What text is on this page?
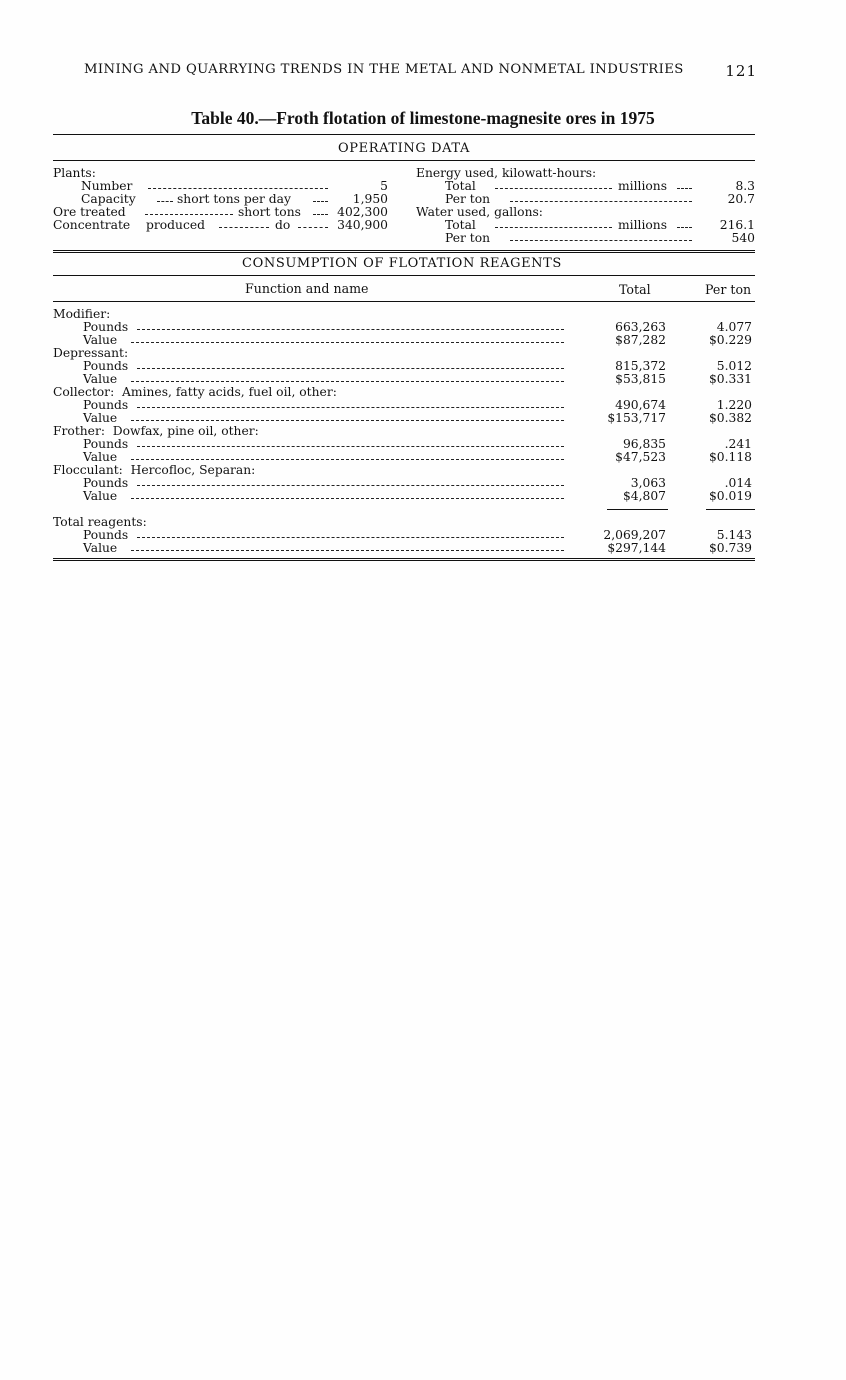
MINING AND QUARRYING TRENDS IN THE METAL AND NONMETAL INDUSTRIES	121
Table 40.—Froth flotation of limestone-magnesite ores in 1975
OPERATING DATA
Plants:
Number	5
Capacity	short tons per day	1,950
Ore treated	short tons	402,300
Concentrate produced	do	340,900
Energy used, kilowatt-hours:
Total	millions	8.3
Per ton	20.7
Water used, gallons:
Total	millions	216.1
Per ton	540
CONSUMPTION OF FLOTATION REAGENTS
Function and name	Total	Per ton
Modifier:
Pounds	663,263	4.077
Value	$87,282	$0.229
Depressant:
Pounds	815,372	5.012
Value	$53,815	$0.331
Collector:  Amines, fatty acids, fuel oil, other:
Pounds	490,674	1.220
Value	$153,717	$0.382
Frother:  Dowfax, pine oil, other:
Pounds	96,835	.241
Value	$47,523	$0.118
Flocculant:  Hercofloc, Separan:
Pounds	3,063	.014
Value	$4,807	$0.019
Total reagents:
Pounds	2,069,207	5.143
Value	$297,144	$0.739
